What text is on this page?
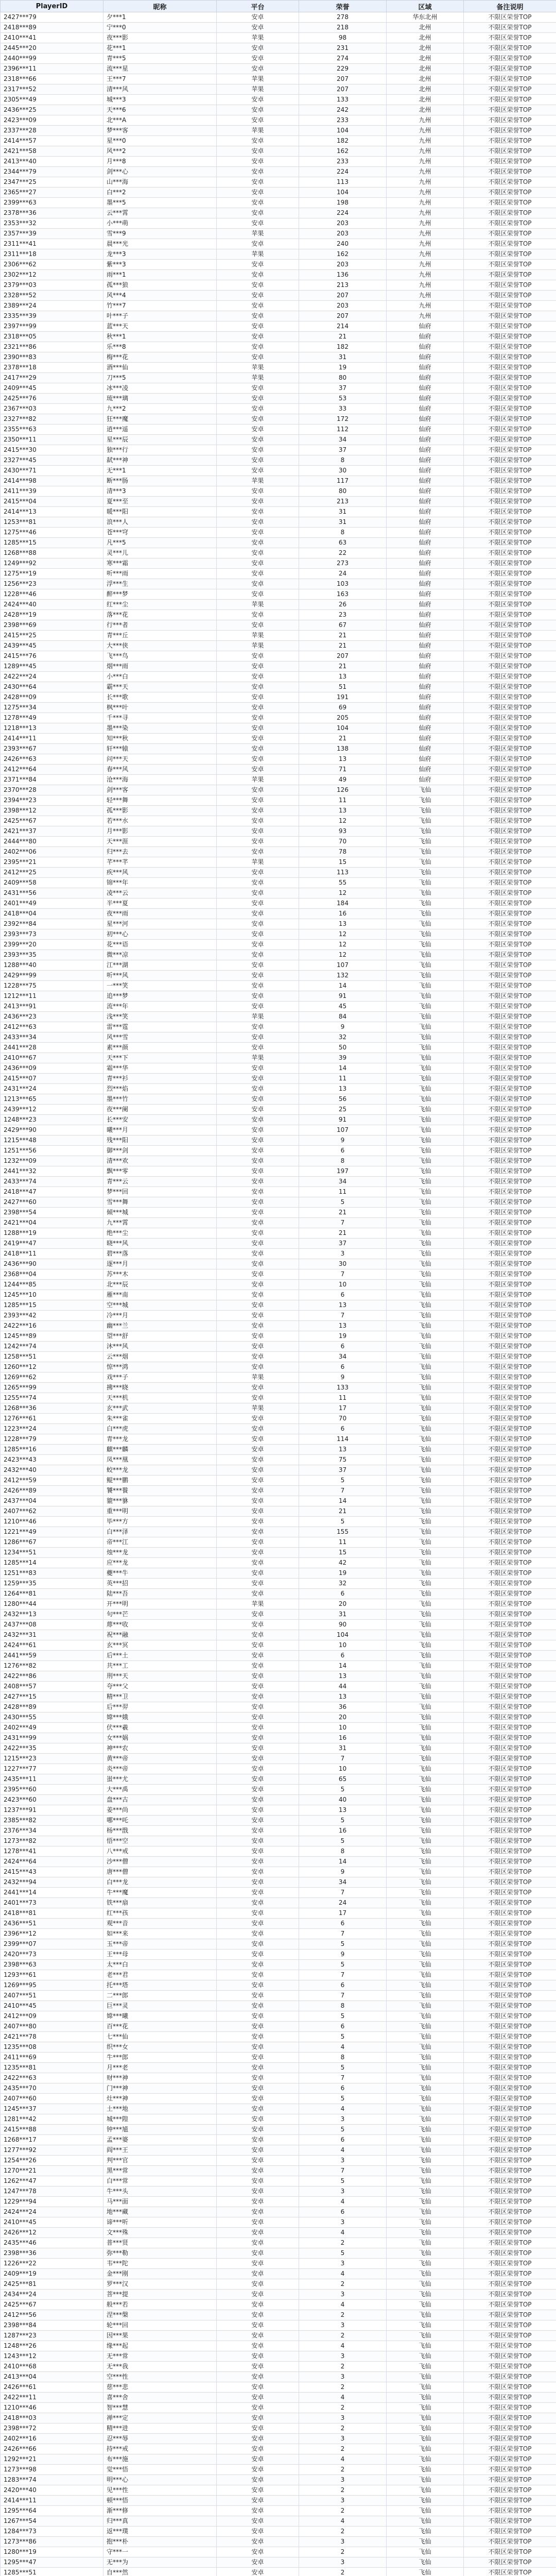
PlayerID	昵称	平台	荣誉	区域	备注说明
2427***79	夕***1	安卓	278	华东北州	不限区荣誉TOP
2418***89	宁***0	安卓	218	北州	不限区荣誉TOP
2410***41	夜***影	苹果	98	北州	不限区荣誉TOP
2445***20	花***1	安卓	231	北州	不限区荣誉TOP
2440***99	青***5	安卓	274	北州	不限区荣誉TOP
2396***11	流***星	安卓	229	北州	不限区荣誉TOP
2318***66	王***7	苹果	207	北州	不限区荣誉TOP
2317***52	清***风	苹果	207	北州	不限区荣誉TOP
2305***49	城***3	安卓	133	北州	不限区荣誉TOP
2436***25	天***6	安卓	242	北州	不限区荣誉TOP
2423***09	北***A	安卓	233	九州	不限区荣誉TOP
2337***28	梦***客	苹果	104	九州	不限区荣誉TOP
2414***57	星***0	安卓	182	九州	不限区荣誉TOP
2421***58	风***2	安卓	162	九州	不限区荣誉TOP
2413***40	月***8	安卓	233	九州	不限区荣誉TOP
2344***79	剑***心	安卓	224	九州	不限区荣誉TOP
2347***25	山***海	安卓	113	九州	不限区荣誉TOP
2365***27	白***2	安卓	104	九州	不限区荣誉TOP
2399***63	墨***5	安卓	198	九州	不限区荣誉TOP
2378***36	云***霄	安卓	224	九州	不限区荣誉TOP
2353***32	小***萌	安卓	203	九州	不限区荣誉TOP
2357***39	雪***9	苹果	203	九州	不限区荣誉TOP
2311***41	晨***光	安卓	240	九州	不限区荣誉TOP
2311***18	龙***3	苹果	162	九州	不限区荣誉TOP
2306***62	紫***3	安卓	203	九州	不限区荣誉TOP
2302***12	雨***1	安卓	136	九州	不限区荣誉TOP
2379***03	孤***狼	安卓	213	九州	不限区荣誉TOP
2328***52	风***4	安卓	207	九州	不限区荣誉TOP
2389***24	竹***7	安卓	203	九州	不限区荣誉TOP
2335***39	叶***子	安卓	207	九州	不限区荣誉TOP
2397***99	蓝***天	安卓	214	仙府	不限区荣誉TOP
2318***05	秋***1	安卓	21	仙府	不限区荣誉TOP
2321***86	乐***8	安卓	182	仙府	不限区荣誉TOP
2390***83	梅***花	安卓	31	仙府	不限区荣誉TOP
2378***18	酒***仙	苹果	19	仙府	不限区荣誉TOP
2417***29	刀***5	苹果	80	仙府	不限区荣誉TOP
2409***45	冰***凌	安卓	37	仙府	不限区荣誉TOP
2425***76	琉***璃	安卓	53	仙府	不限区荣誉TOP
2367***03	九***2	安卓	33	仙府	不限区荣誉TOP
2327***82	狂***魔	安卓	172	仙府	不限区荣誉TOP
2355***63	逍***遥	安卓	112	仙府	不限区荣誉TOP
2350***11	星***辰	安卓	34	仙府	不限区荣誉TOP
2415***30	独***行	安卓	37	仙府	不限区荣誉TOP
2327***45	弑***神	安卓	8	仙府	不限区荣誉TOP
2430***71	无***1	安卓	30	仙府	不限区荣誉TOP
2414***98	断***肠	苹果	117	仙府	不限区荣誉TOP
2411***39	清***3	安卓	80	仙府	不限区荣誉TOP
2415***04	夏***至	安卓	213	仙府	不限区荣誉TOP
2414***13	暖***阳	安卓	31	仙府	不限区荣誉TOP
1253***81	浪***人	安卓	31	仙府	不限区荣誉TOP
1275***46	苍***穹	安卓	8	仙府	不限区荣誉TOP
1285***15	凡***5	安卓	63	仙府	不限区荣誉TOP
1268***88	灵***儿	安卓	22	仙府	不限区荣誉TOP
1249***92	寒***霜	安卓	273	仙府	不限区荣誉TOP
1275***19	听***雨	安卓	24	仙府	不限区荣誉TOP
1256***23	浮***生	安卓	103	仙府	不限区荣誉TOP
1228***46	醉***梦	安卓	163	仙府	不限区荣誉TOP
2424***40	红***尘	苹果	26	仙府	不限区荣誉TOP
2428***19	落***花	安卓	23	仙府	不限区荣誉TOP
2398***69	行***者	安卓	67	仙府	不限区荣誉TOP
2415***25	青***丘	苹果	21	仙府	不限区荣誉TOP
2439***45	大***侠	苹果	21	仙府	不限区荣誉TOP
2415***76	飞***鸟	安卓	207	仙府	不限区荣誉TOP
1289***45	烟***雨	安卓	21	仙府	不限区荣誉TOP
2422***24	小***白	安卓	13	仙府	不限区荣誉TOP
2430***64	霸***天	安卓	51	仙府	不限区荣誉TOP
2428***09	长***歌	安卓	191	仙府	不限区荣誉TOP
1275***34	枫***叶	安卓	69	仙府	不限区荣誉TOP
1278***49	千***寻	安卓	205	仙府	不限区荣誉TOP
1218***13	墨***染	安卓	104	仙府	不限区荣誉TOP
2414***11	知***秋	安卓	21	仙府	不限区荣誉TOP
2393***67	轩***辕	安卓	138	仙府	不限区荣誉TOP
2426***63	问***天	安卓	13	仙府	不限区荣誉TOP
2412***64	春***风	安卓	71	仙府	不限区荣誉TOP
2371***84	沧***海	苹果	49	仙府	不限区荣誉TOP
2370***28	剑***客	安卓	126	飞仙	不限区荣誉TOP
2394***23	轻***舞	安卓	11	飞仙	不限区荣誉TOP
2398***12	孤***影	安卓	13	飞仙	不限区荣誉TOP
2425***67	若***水	安卓	12	飞仙	不限区荣誉TOP
2421***37	月***影	安卓	93	飞仙	不限区荣誉TOP
2444***80	天***涯	安卓	70	飞仙	不限区荣誉TOP
2402***06	归***去	安卓	78	飞仙	不限区荣誉TOP
2395***21	芊***芊	苹果	15	飞仙	不限区荣誉TOP
2412***25	疾***风	安卓	113	飞仙	不限区荣誉TOP
2409***58	锦***年	安卓	55	飞仙	不限区荣誉TOP
2431***56	凌***云	安卓	12	飞仙	不限区荣誉TOP
2401***49	半***夏	安卓	184	飞仙	不限区荣誉TOP
2418***04	夜***雨	安卓	16	飞仙	不限区荣誉TOP
2392***84	星***河	安卓	13	飞仙	不限区荣誉TOP
2393***73	初***心	安卓	12	飞仙	不限区荣誉TOP
2399***20	花***语	安卓	12	飞仙	不限区荣誉TOP
2393***35	微***凉	安卓	12	飞仙	不限区荣誉TOP
1288***40	江***湖	安卓	107	飞仙	不限区荣誉TOP
2429***99	听***风	安卓	132	飞仙	不限区荣誉TOP
1228***75	一***笑	安卓	14	飞仙	不限区荣誉TOP
1212***11	追***梦	安卓	91	飞仙	不限区荣誉TOP
2413***91	流***年	安卓	45	飞仙	不限区荣誉TOP
2436***23	浅***笑	苹果	84	飞仙	不限区荣誉TOP
2412***63	雷***霆	安卓	9	飞仙	不限区荣誉TOP
2433***34	风***雪	安卓	32	飞仙	不限区荣誉TOP
2441***28	素***颜	安卓	50	飞仙	不限区荣誉TOP
2410***67	天***下	苹果	39	飞仙	不限区荣誉TOP
2436***09	霜***华	安卓	14	飞仙	不限区荣誉TOP
2415***07	青***衫	安卓	11	飞仙	不限区荣誉TOP
2431***24	烈***焰	安卓	13	飞仙	不限区荣誉TOP
1213***65	墨***竹	安卓	56	飞仙	不限区荣誉TOP
2439***12	夜***阑	安卓	25	飞仙	不限区荣誉TOP
1248***23	长***安	安卓	91	飞仙	不限区荣誉TOP
2429***90	曦***月	安卓	107	飞仙	不限区荣誉TOP
1215***48	残***阳	安卓	9	飞仙	不限区荣誉TOP
1251***56	御***剑	安卓	6	飞仙	不限区荣誉TOP
1232***09	清***欢	安卓	8	飞仙	不限区荣誉TOP
2441***32	飘***零	安卓	197	飞仙	不限区荣誉TOP
2433***74	青***云	安卓	34	飞仙	不限区荣誉TOP
2418***47	梦***回	安卓	11	飞仙	不限区荣誉TOP
2427***60	雪***舞	安卓	5	飞仙	不限区荣誉TOP
2398***54	倾***城	安卓	21	飞仙	不限区荣誉TOP
2421***04	九***霄	安卓	7	飞仙	不限区荣誉TOP
1288***19	绝***尘	安卓	21	飞仙	不限区荣誉TOP
2419***47	晓***风	安卓	37	飞仙	不限区荣誉TOP
2418***11	碧***落	安卓	3	飞仙	不限区荣誉TOP
2436***90	逐***月	安卓	30	飞仙	不限区荣誉TOP
2368***04	苏***木	安卓	7	飞仙	不限区荣誉TOP
1244***85	北***辰	安卓	10	飞仙	不限区荣誉TOP
1245***10	雁***南	安卓	6	飞仙	不限区荣誉TOP
1285***15	空***城	安卓	13	飞仙	不限区荣誉TOP
2393***42	冷***月	安卓	7	飞仙	不限区荣誉TOP
2422***16	幽***兰	安卓	13	飞仙	不限区荣誉TOP
1245***89	望***舒	安卓	19	飞仙	不限区荣誉TOP
1242***74	沐***风	安卓	6	飞仙	不限区荣誉TOP
1258***51	云***烟	安卓	34	飞仙	不限区荣誉TOP
1260***12	惊***鸿	安卓	6	飞仙	不限区荣誉TOP
1269***62	戏***子	苹果	9	飞仙	不限区荣誉TOP
1265***99	拂***晓	安卓	133	飞仙	不限区荣誉TOP
1255***74	天***机	安卓	11	飞仙	不限区荣誉TOP
1268***36	玄***武	苹果	17	飞仙	不限区荣誉TOP
1276***61	朱***雀	安卓	70	飞仙	不限区荣誉TOP
1223***24	白***虎	安卓	6	飞仙	不限区荣誉TOP
1228***79	青***龙	安卓	114	飞仙	不限区荣誉TOP
1285***16	麒***麟	安卓	13	飞仙	不限区荣誉TOP
2423***43	凤***凰	安卓	75	飞仙	不限区荣誉TOP
2432***40	蛟***龙	安卓	37	飞仙	不限区荣誉TOP
2412***59	鲲***鹏	安卓	5	飞仙	不限区荣誉TOP
2426***89	饕***餮	安卓	7	飞仙	不限区荣誉TOP
2437***04	貔***貅	安卓	14	飞仙	不限区荣誉TOP
2407***62	重***明	安卓	21	飞仙	不限区荣誉TOP
1210***46	毕***方	安卓	5	飞仙	不限区荣誉TOP
1221***49	白***泽	安卓	155	飞仙	不限区荣誉TOP
1286***67	帝***江	安卓	11	飞仙	不限区荣誉TOP
1234***51	烛***龙	安卓	15	飞仙	不限区荣誉TOP
1285***14	应***龙	安卓	42	飞仙	不限区荣誉TOP
1251***83	夔***牛	安卓	19	飞仙	不限区荣誉TOP
1259***35	英***招	安卓	32	飞仙	不限区荣誉TOP
1264***81	陆***吾	安卓	6	飞仙	不限区荣誉TOP
1280***44	开***明	苹果	20	飞仙	不限区荣誉TOP
2432***13	句***芒	安卓	31	飞仙	不限区荣誉TOP
2437***08	蓐***收	安卓	90	飞仙	不限区荣誉TOP
2432***31	祝***融	安卓	104	飞仙	不限区荣誉TOP
2424***61	玄***冥	安卓	10	飞仙	不限区荣誉TOP
2441***59	后***土	安卓	6	飞仙	不限区荣誉TOP
1276***82	共***工	安卓	14	飞仙	不限区荣誉TOP
2422***86	刑***天	安卓	13	飞仙	不限区荣誉TOP
2408***57	夸***父	安卓	44	飞仙	不限区荣誉TOP
2427***15	精***卫	安卓	13	飞仙	不限区荣誉TOP
2428***89	后***羿	安卓	36	飞仙	不限区荣誉TOP
2430***55	嫦***娥	安卓	20	飞仙	不限区荣誉TOP
2402***49	伏***羲	安卓	10	飞仙	不限区荣誉TOP
2431***99	女***娲	安卓	16	飞仙	不限区荣誉TOP
2422***35	神***农	安卓	31	飞仙	不限区荣誉TOP
1215***23	黄***帝	安卓	7	飞仙	不限区荣誉TOP
1227***77	炎***帝	安卓	10	飞仙	不限区荣誉TOP
2435***11	蚩***尤	安卓	65	飞仙	不限区荣誉TOP
2395***60	大***禹	安卓	5	飞仙	不限区荣誉TOP
2423***60	盘***古	安卓	40	飞仙	不限区荣誉TOP
1237***91	姜***尚	安卓	13	飞仙	不限区荣誉TOP
2385***82	哪***吒	安卓	5	飞仙	不限区荣誉TOP
2376***34	杨***戬	安卓	16	飞仙	不限区荣誉TOP
1273***82	悟***空	安卓	5	飞仙	不限区荣誉TOP
1278***41	八***戒	安卓	8	飞仙	不限区荣誉TOP
2424***64	沙***僧	安卓	14	飞仙	不限区荣誉TOP
2415***43	唐***僧	安卓	9	飞仙	不限区荣誉TOP
2432***94	白***龙	安卓	34	飞仙	不限区荣誉TOP
2441***14	牛***魔	安卓	7	飞仙	不限区荣誉TOP
2401***73	铁***扇	安卓	24	飞仙	不限区荣誉TOP
2418***81	红***孩	安卓	17	飞仙	不限区荣誉TOP
2436***51	观***音	安卓	6	飞仙	不限区荣誉TOP
2396***12	如***来	安卓	7	飞仙	不限区荣誉TOP
2399***07	玉***帝	安卓	5	飞仙	不限区荣誉TOP
2420***73	王***母	安卓	9	飞仙	不限区荣誉TOP
2398***63	太***白	安卓	5	飞仙	不限区荣誉TOP
1293***61	老***君	安卓	7	飞仙	不限区荣誉TOP
1269***95	托***塔	安卓	6	飞仙	不限区荣誉TOP
2407***51	二***郎	安卓	7	飞仙	不限区荣誉TOP
2410***45	巨***灵	安卓	8	飞仙	不限区荣誉TOP
2412***09	嫦***曦	安卓	5	飞仙	不限区荣誉TOP
2407***80	百***花	安卓	6	飞仙	不限区荣誉TOP
2421***78	七***仙	安卓	5	飞仙	不限区荣誉TOP
1235***08	织***女	安卓	4	飞仙	不限区荣誉TOP
2411***69	牛***郎	安卓	8	飞仙	不限区荣誉TOP
1235***81	月***老	安卓	5	飞仙	不限区荣誉TOP
2422***63	财***神	安卓	7	飞仙	不限区荣誉TOP
2435***70	门***神	安卓	6	飞仙	不限区荣誉TOP
2407***60	灶***神	安卓	5	飞仙	不限区荣誉TOP
1245***37	土***地	安卓	4	飞仙	不限区荣誉TOP
1281***42	城***隍	安卓	3	飞仙	不限区荣誉TOP
2415***88	钟***馗	安卓	5	飞仙	不限区荣誉TOP
1268***17	孟***婆	安卓	6	飞仙	不限区荣誉TOP
1277***92	阎***王	安卓	4	飞仙	不限区荣誉TOP
1254***26	判***官	安卓	3	飞仙	不限区荣誉TOP
1270***21	黑***常	安卓	7	飞仙	不限区荣誉TOP
1262***47	白***常	安卓	5	飞仙	不限区荣誉TOP
1247***78	牛***头	安卓	3	飞仙	不限区荣誉TOP
1229***94	马***面	安卓	4	飞仙	不限区荣誉TOP
2424***24	地***藏	安卓	6	飞仙	不限区荣誉TOP
2410***45	谛***听	安卓	3	飞仙	不限区荣誉TOP
2426***12	文***殊	安卓	4	飞仙	不限区荣誉TOP
2435***46	普***贤	安卓	2	飞仙	不限区荣誉TOP
2398***36	弥***勒	安卓	5	飞仙	不限区荣誉TOP
1226***22	韦***陀	安卓	3	飞仙	不限区荣誉TOP
2409***19	金***刚	安卓	4	飞仙	不限区荣誉TOP
2425***81	罗***汉	安卓	2	飞仙	不限区荣誉TOP
2434***24	菩***提	安卓	3	飞仙	不限区荣誉TOP
2425***67	般***若	安卓	4	飞仙	不限区荣誉TOP
2412***56	涅***槃	安卓	2	飞仙	不限区荣誉TOP
2398***84	轮***回	安卓	3	飞仙	不限区荣誉TOP
1287***23	因***果	安卓	2	飞仙	不限区荣誉TOP
1248***26	缘***起	安卓	4	飞仙	不限区荣誉TOP
1243***12	无***常	安卓	3	飞仙	不限区荣誉TOP
2410***68	无***我	安卓	2	飞仙	不限区荣誉TOP
2413***04	空***性	安卓	3	飞仙	不限区荣誉TOP
2426***61	慈***悲	安卓	2	飞仙	不限区荣誉TOP
2422***11	喜***舍	安卓	4	飞仙	不限区荣誉TOP
1210***46	智***慧	安卓	2	飞仙	不限区荣誉TOP
2418***03	禅***定	安卓	3	飞仙	不限区荣誉TOP
2398***72	精***进	安卓	2	飞仙	不限区荣誉TOP
2402***16	忍***辱	安卓	3	飞仙	不限区荣誉TOP
2426***66	持***戒	安卓	2	飞仙	不限区荣誉TOP
1292***21	布***施	安卓	4	飞仙	不限区荣誉TOP
1273***98	觉***悟	安卓	2	飞仙	不限区荣誉TOP
1283***74	明***心	安卓	3	飞仙	不限区荣誉TOP
2420***40	见***性	安卓	2	飞仙	不限区荣誉TOP
2414***11	顿***悟	安卓	3	飞仙	不限区荣誉TOP
1295***64	渐***修	安卓	2	飞仙	不限区荣誉TOP
1267***54	归***真	安卓	4	飞仙	不限区荣誉TOP
1284***73	返***璞	安卓	2	飞仙	不限区荣誉TOP
1273***86	抱***朴	安卓	3	飞仙	不限区荣誉TOP
1280***19	守***一	安卓	2	飞仙	不限区荣誉TOP
1295***47	无***为	安卓	3	飞仙	不限区荣誉TOP
1285***51	自***然	安卓	2	飞仙	不限区荣誉TOP
